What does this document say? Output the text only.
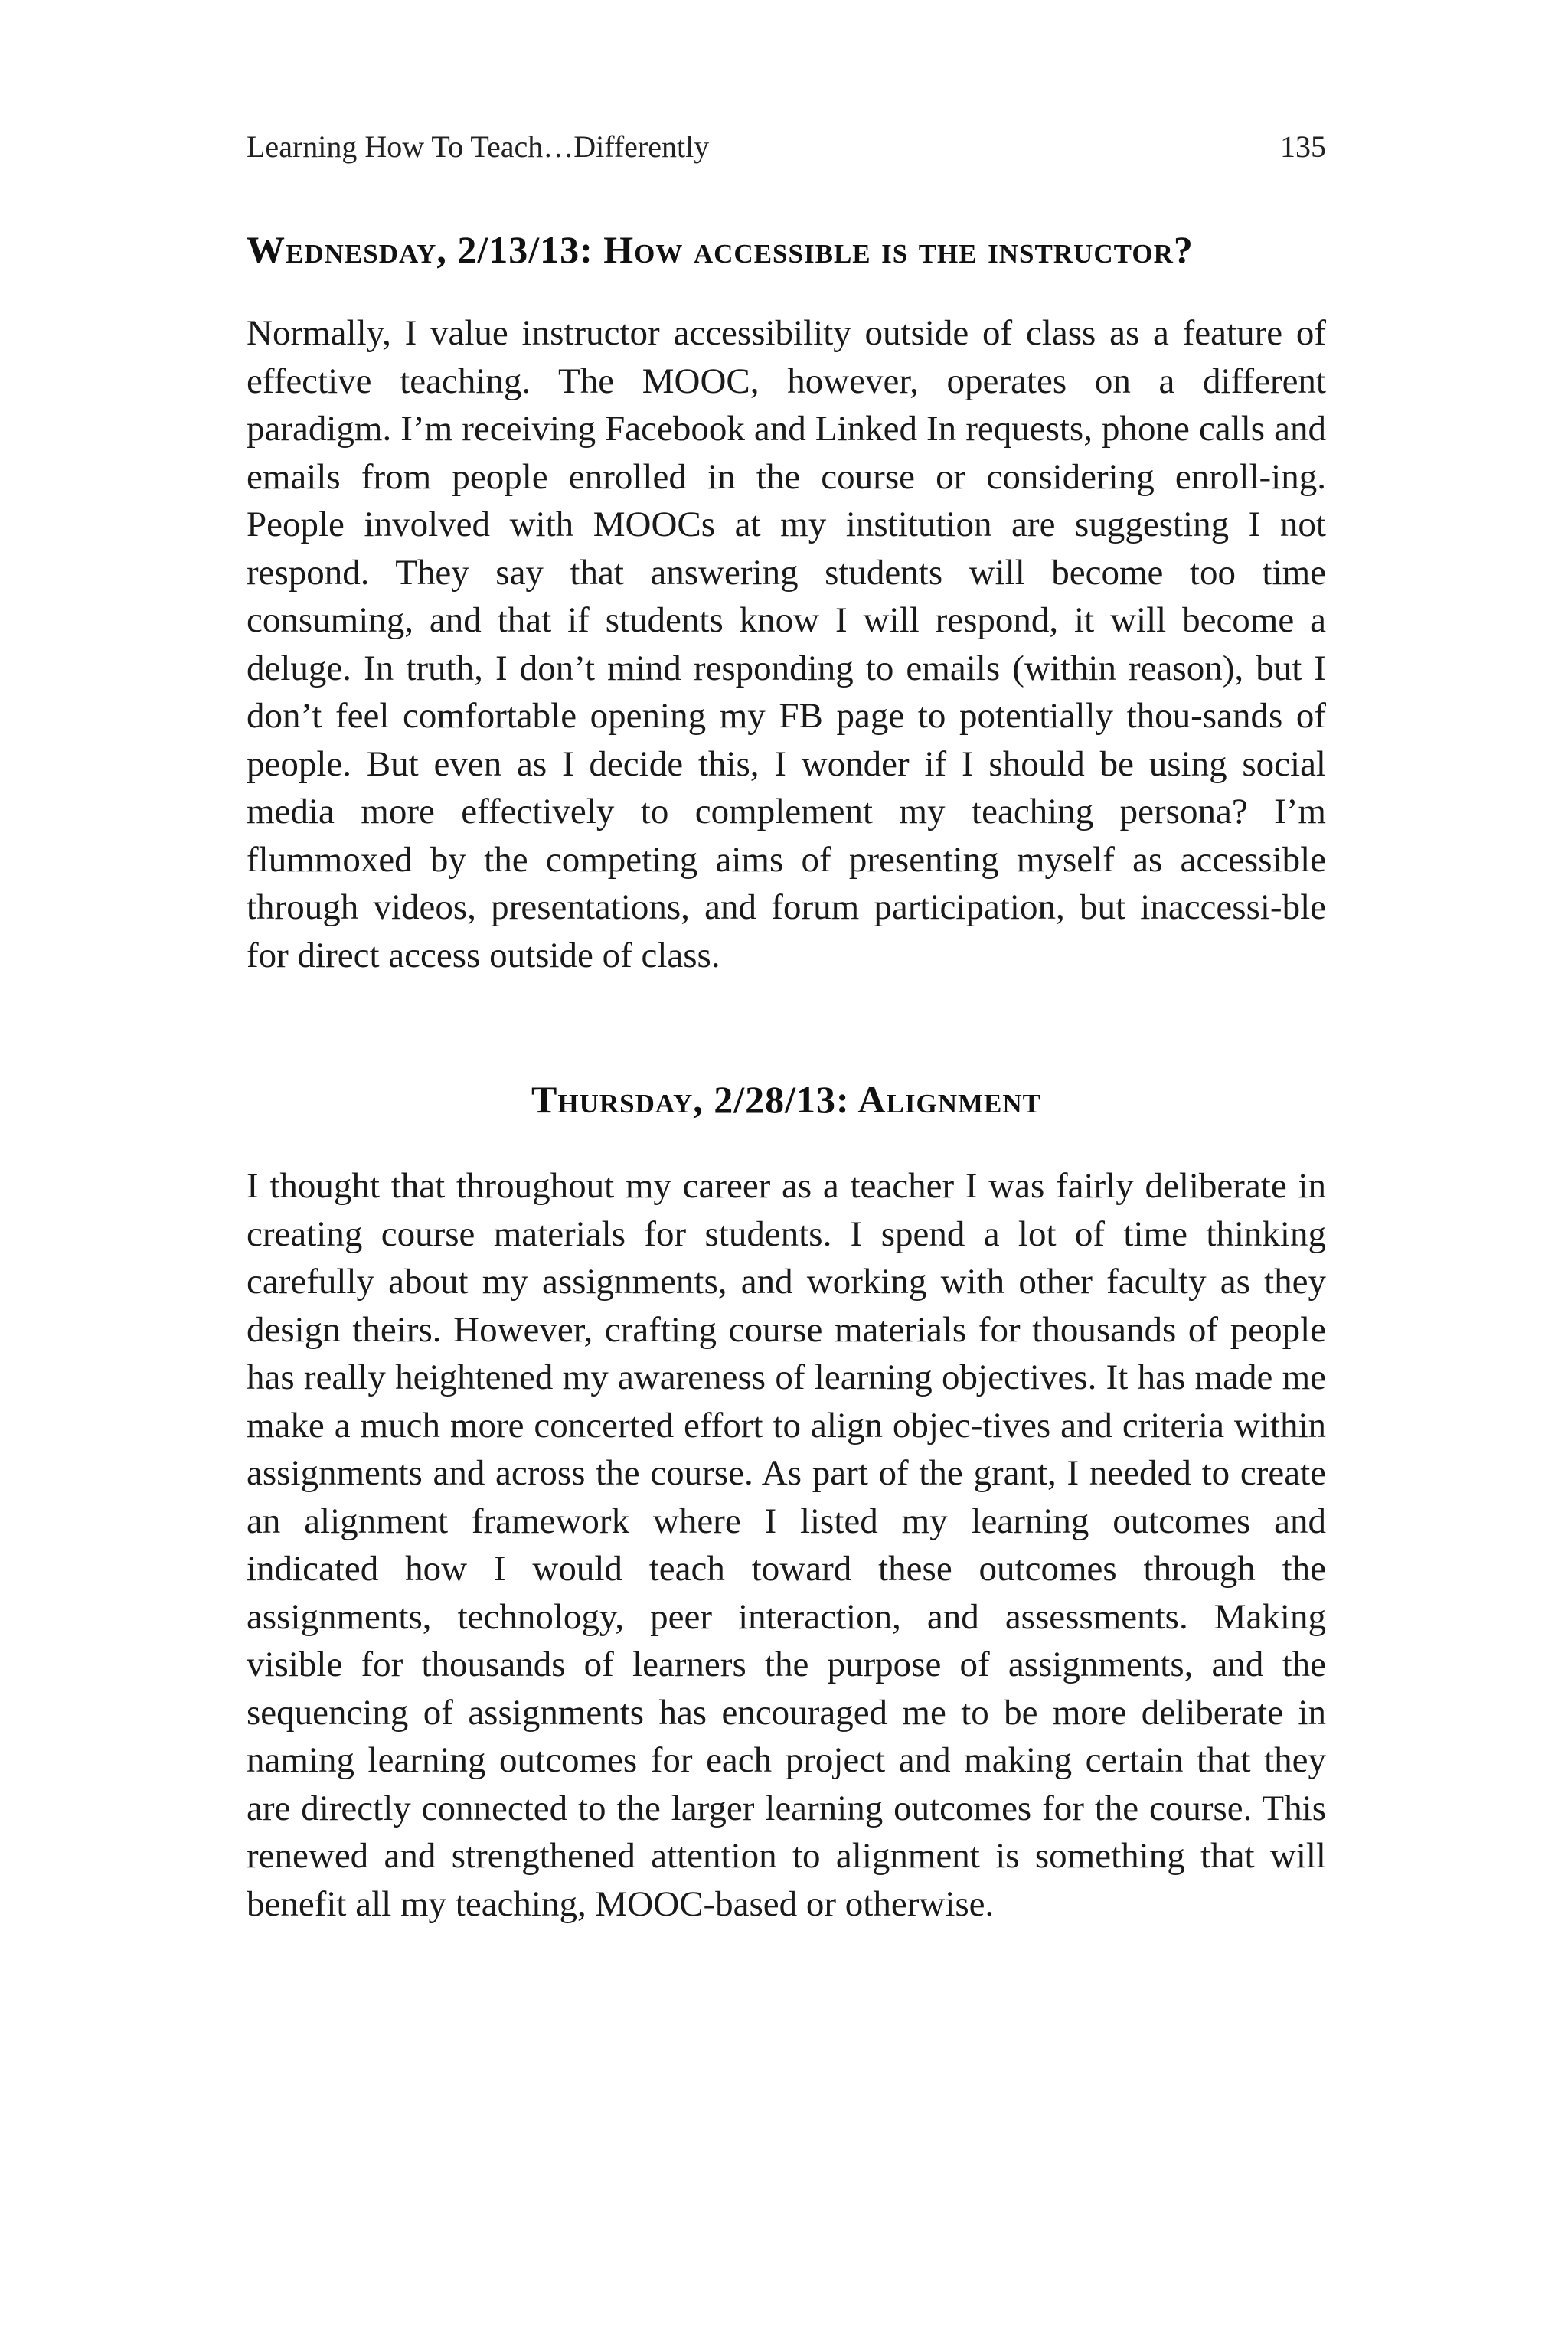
Learning How To Teach…Differently	135
Wednesday, 2/13/13: How accessible is the instructor?

Normally, I value instructor accessibility outside of class as a feature of effective teaching. The MOOC, however, operates on a different paradigm. I’m receiving Facebook and Linked In requests, phone calls and emails from people enrolled in the course or considering enroll-ing. People involved with MOOCs at my institution are suggesting I not respond. They say that answering students will become too time consuming, and that if students know I will respond, it will become a deluge. In truth, I don’t mind responding to emails (within reason), but I don’t feel comfortable opening my FB page to potentially thou-sands of people. But even as I decide this, I wonder if I should be using social media more effectively to complement my teaching persona? I’m flummoxed by the competing aims of presenting myself as accessible through videos, presentations, and forum participation, but inaccessi-ble for direct access outside of class.

Thursday, 2/28/13: Alignment

I thought that throughout my career as a teacher I was fairly deliberate in creating course materials for students. I spend a lot of time thinking carefully about my assignments, and working with other faculty as they design theirs. However, crafting course materials for thousands of people has really heightened my awareness of learning objectives. It has made me make a much more concerted effort to align objec-tives and criteria within assignments and across the course. As part of the grant, I needed to create an alignment framework where I listed my learning outcomes and indicated how I would teach toward these outcomes through the assignments, technology, peer interaction, and assessments. Making visible for thousands of learners the purpose of assignments, and the sequencing of assignments has encouraged me to be more deliberate in naming learning outcomes for each project and making certain that they are directly connected to the larger learning outcomes for the course. This renewed and strengthened attention to alignment is something that will benefit all my teaching, MOOC-based or otherwise.
